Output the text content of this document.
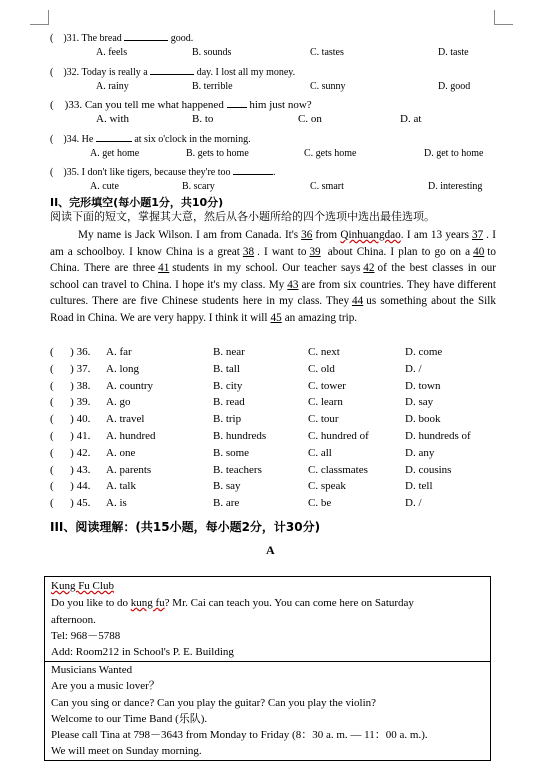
(    )31. The bread	good.
A. feels	B. sounds	C. tastes	D. taste
(    )32. Today is really a	day. I lost all my money.
A. rainy	B. terrible	C. sunny	D. good
(    )33. Can you tell me what happened him just now?
A. with	B. to	C. on	D. at
(    )34. He	at six o'clock in the morning.
A. get home	B. gets to home	C. gets home	D. get to home
(    )35. I don't like tigers, because they're too	.
A. cute	B. scary	C. smart	D. interesting
II、完形填空(每小题1分，共10分)
阅读下面的短文，掌握其大意，然后从各小题所给的四个选项中选出最佳选项。
My name is Jack Wilson. I am from Canada. It's 36 from Qinhuangdao. I am 13 years 37 . I am a schoolboy. I know China is a great 38 . I want to 39 about China. I plan to go on a 40 to China. There are three 41 students in my school. Our teacher says 42 of the best classes in our school can travel to China. I hope it's my class. My 43 are from six countries. They have different cultures. There are five Chinese students here in my class. They 44 us something about the Silk Road in China. We are very happy. I think it will 45 an amazing trip.
(      ) 36.	A. far	B. near	C. next	D. come
(      ) 37.	A. long	B. tall	C. old	D. /
(      ) 38.	A. country	B. city	C. tower	D. town
(      ) 39.	A. go	B. read	C. learn	D. say
(      ) 40.	A. travel	B. trip	C. tour	D. book
(      ) 41.	A. hundred	B. hundreds	C. hundred of	D. hundreds of
(      ) 42.	A. one	B. some	C. all	D. any
(      ) 43.	A. parents	B. teachers	C. classmates	D. cousins
(      ) 44.	A. talk	B. say	C. speak	D. tell
(      ) 45.	A. is	B. are	C. be	D. /
III、阅读理解：(共15小题，每小题2分，计30分)
A
Kung Fu Club
Do you like to do kung fu? Mr. Cai can teach you. You can come here on Saturday
afternoon.
Tel: 968－5788
Add: Room212 in School's P. E. Building
Musicians Wanted
Are you a music lover？
Can you sing or dance? Can you play the guitar? Can you play the violin?
Welcome to our Time Band (乐队).
Please call Tina at 798－3643 from Monday to Friday (8：30 a. m. — 11：00 a. m.).
We will meet on Sunday morning.
